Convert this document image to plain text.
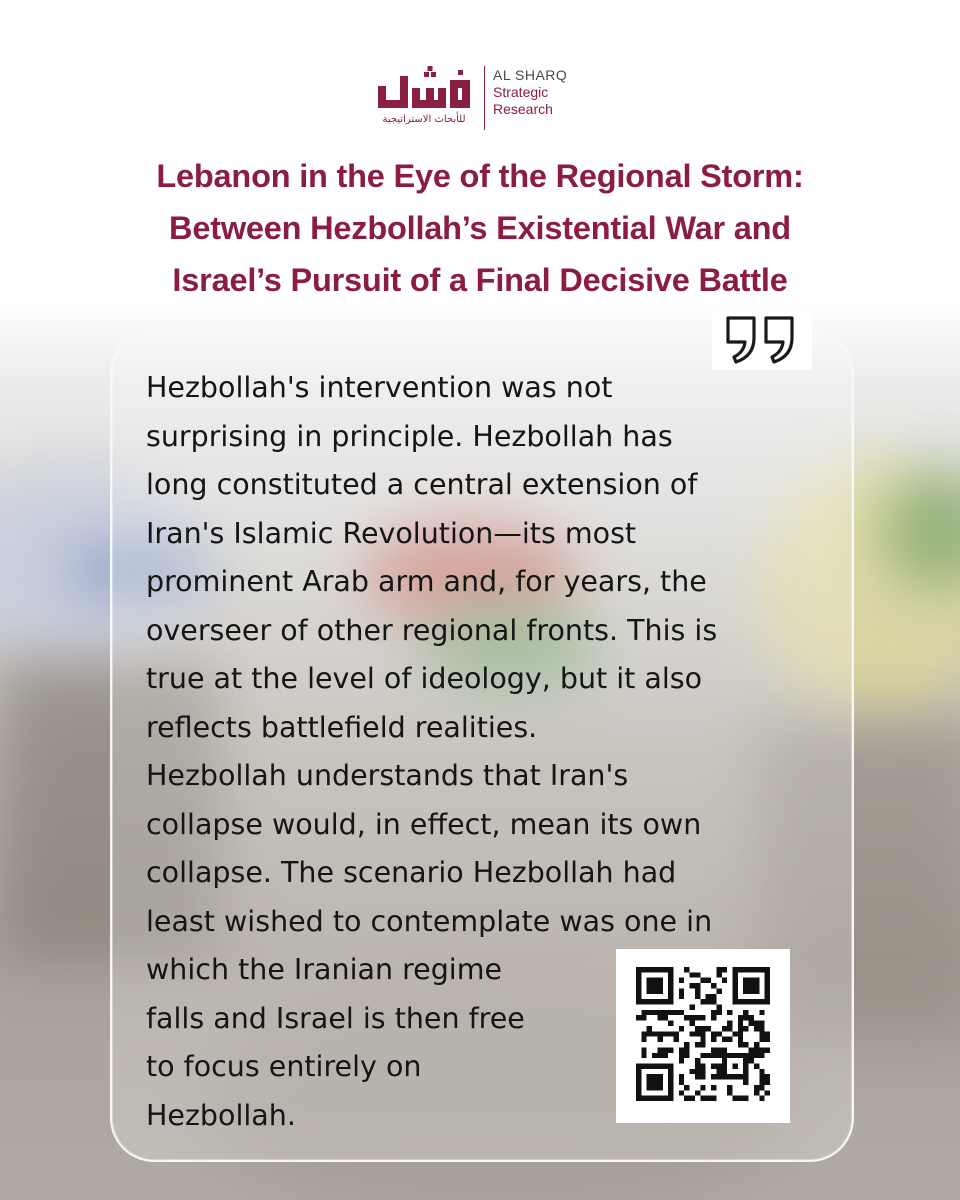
للأبحاث الاستراتيجية
AL SHARQ
Strategic
Research
Lebanon in the Eye of the Regional Storm:
Between Hezbollah’s Existential War and
Israel’s Pursuit of a Final Decisive Battle

Hezbollah's intervention was not
surprising in principle. Hezbollah has
long constituted a central extension of
Iran's Islamic Revolution—its most
prominent Arab arm and, for years, the
overseer of other regional fronts. This is
true at the level of ideology, but it also
reflects battlefield realities.
Hezbollah understands that Iran's
collapse would, in effect, mean its own
collapse. The scenario Hezbollah had
least wished to contemplate was one in
which the Iranian regime
falls and Israel is then free
to focus entirely on
Hezbollah.
